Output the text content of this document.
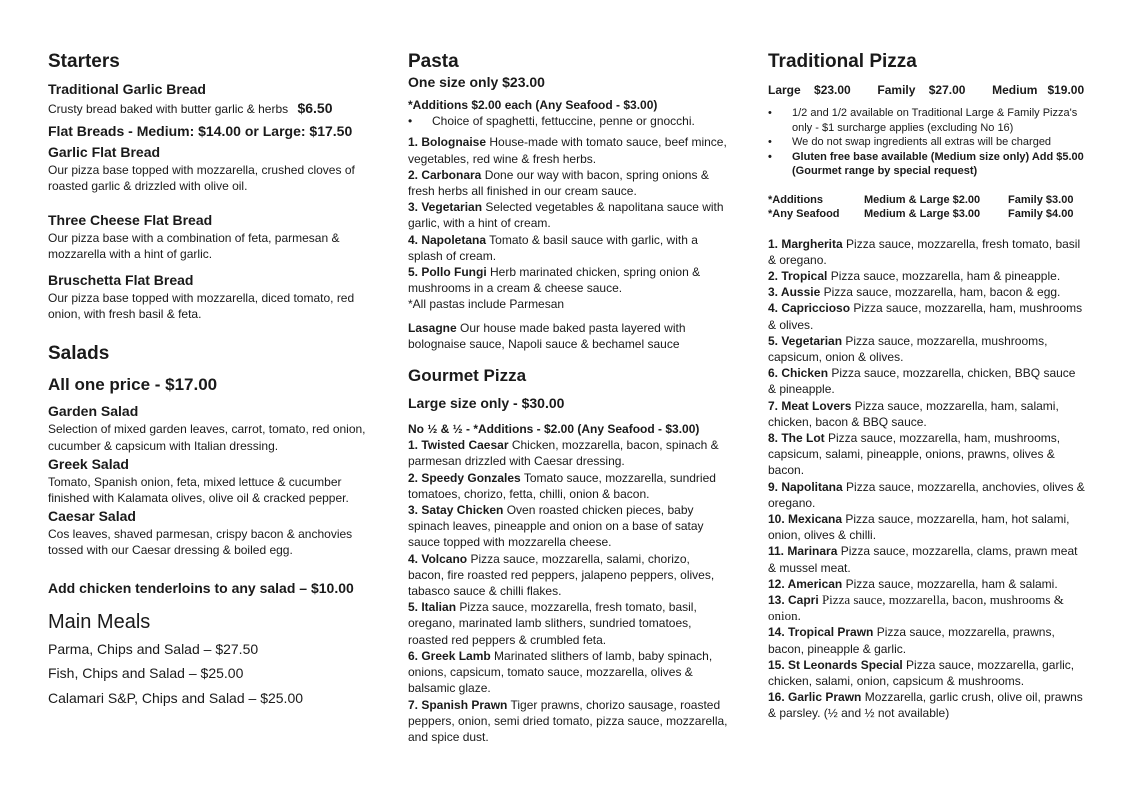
Starters
Traditional Garlic Bread
Crusty bread baked with butter garlic & herbs $6.50
Flat Breads - Medium: $14.00 or Large: $17.50
Garlic Flat Bread
Our pizza base topped with mozzarella, crushed cloves of roasted garlic & drizzled with olive oil.
Three Cheese Flat Bread
Our pizza base with a combination of feta, parmesan & mozzarella with a hint of garlic.
Bruschetta Flat Bread
Our pizza base topped with mozzarella, diced tomato, red onion, with fresh basil & feta.
Salads
All one price - $17.00
Garden Salad
Selection of mixed garden leaves, carrot, tomato, red onion, cucumber & capsicum with Italian dressing.
Greek Salad
Tomato, Spanish onion, feta, mixed lettuce & cucumber finished with Kalamata olives, olive oil & cracked pepper.
Caesar Salad
Cos leaves, shaved parmesan, crispy bacon & anchovies tossed with our Caesar dressing & boiled egg.
Add chicken tenderloins to any salad – $10.00
Main Meals
Parma, Chips and Salad – $27.50
Fish, Chips and Salad – $25.00
Calamari S&P, Chips and Salad – $25.00
Pasta
One size only $23.00
*Additions $2.00 each (Any Seafood - $3.00)
• Choice of spaghetti, fettuccine, penne or gnocchi.
1. Bolognaise House-made with tomato sauce, beef mince, vegetables, red wine & fresh herbs.
2. Carbonara Done our way with bacon, spring onions & fresh herbs all finished in our cream sauce.
3. Vegetarian Selected vegetables & napolitana sauce with garlic, with a hint of cream.
4. Napoletana Tomato & basil sauce with garlic, with a splash of cream.
5. Pollo Fungi Herb marinated chicken, spring onion & mushrooms in a cream & cheese sauce.
*All pastas include Parmesan
Lasagne Our house made baked pasta layered with bolognaise sauce, Napoli sauce & bechamel sauce
Gourmet Pizza
Large size only - $30.00
No ½ & ½ - *Additions - $2.00 (Any Seafood - $3.00)
1. Twisted Caesar Chicken, mozzarella, bacon, spinach & parmesan drizzled with Caesar dressing.
2. Speedy Gonzales Tomato sauce, mozzarella, sundried tomatoes, chorizo, fetta, chilli, onion & bacon.
3. Satay Chicken Oven roasted chicken pieces, baby spinach leaves, pineapple and onion on a base of satay sauce topped with mozzarella cheese.
4. Volcano Pizza sauce, mozzarella, salami, chorizo, bacon, fire roasted red peppers, jalapeno peppers, olives, tabasco sauce & chilli flakes.
5. Italian Pizza sauce, mozzarella, fresh tomato, basil, oregano, marinated lamb slithers, sundried tomatoes, roasted red peppers & crumbled feta.
6. Greek Lamb Marinated slithers of lamb, baby spinach, onions, capsicum, tomato sauce, mozzarella, olives & balsamic glaze.
7. Spanish Prawn Tiger prawns, chorizo sausage, roasted peppers, onion, semi dried tomato, pizza sauce, mozzarella, and spice dust.
Traditional Pizza
Large    $23.00        Family    $27.00        Medium   $19.00
• 1/2 and 1/2 available on Traditional Large & Family Pizza's only - $1 surcharge applies (excluding No 16)
• We do not swap ingredients all extras will be charged
• Gluten free base available (Medium size only) Add $5.00 (Gourmet range by special request)
*Additions	Medium & Large $2.00	Family $3.00
*Any Seafood	Medium & Large $3.00	Family $4.00
1. Margherita Pizza sauce, mozzarella, fresh tomato, basil & oregano.
2. Tropical Pizza sauce, mozzarella, ham & pineapple.
3. Aussie Pizza sauce, mozzarella, ham, bacon & egg.
4. Capriccioso Pizza sauce, mozzarella, ham, mushrooms & olives.
5. Vegetarian Pizza sauce, mozzarella, mushrooms, capsicum, onion & olives.
6. Chicken Pizza sauce, mozzarella, chicken, BBQ sauce & pineapple.
7. Meat Lovers Pizza sauce, mozzarella, ham, salami, chicken, bacon & BBQ sauce.
8. The Lot Pizza sauce, mozzarella, ham, mushrooms, capsicum, salami, pineapple, onions, prawns, olives & bacon.
9. Napolitana Pizza sauce, mozzarella, anchovies, olives & oregano.
10. Mexicana Pizza sauce, mozzarella, ham, hot salami, onion, olives & chilli.
11. Marinara Pizza sauce, mozzarella, clams, prawn meat & mussel meat.
12. American Pizza sauce, mozzarella, ham & salami.
13. Capri Pizza sauce, mozzarella, bacon, mushrooms & onion.
14. Tropical Prawn Pizza sauce, mozzarella, prawns, bacon, pineapple & garlic.
15. St Leonards Special Pizza sauce, mozzarella, garlic, chicken, salami, onion, capsicum & mushrooms.
16. Garlic Prawn Mozzarella, garlic crush, olive oil, prawns & parsley. (½ and ½ not available)
